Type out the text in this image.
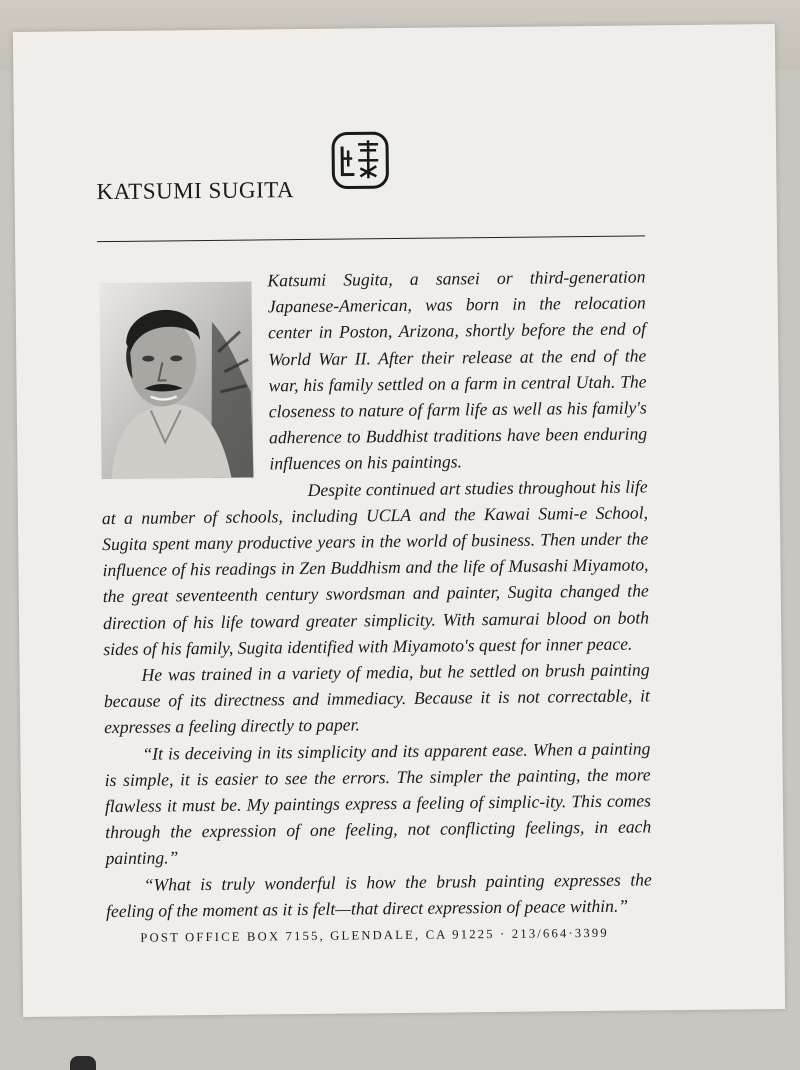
KATSUMI SUGITA

Katsumi Sugita, a sansei or third-generation Japanese-American, was born in the relocation center in Poston, Arizona, shortly before the end of World War II. After their release at the end of the war, his family settled on a farm in central Utah. The closeness to nature of farm life as well as his family's adherence to Buddhist traditions have been enduring influences on his paintings.

Despite continued art studies throughout his life at a number of schools, including UCLA and the Kawai Sumi-e School, Sugita spent many productive years in the world of business. Then under the influence of his readings in Zen Buddhism and the life of Musashi Miyamoto, the great seventeenth century swordsman and painter, Sugita changed the direction of his life toward greater simplicity. With samurai blood on both sides of his family, Sugita identified with Miyamoto's quest for inner peace.

He was trained in a variety of media, but he settled on brush painting because of its directness and immediacy. Because it is not correctable, it expresses a feeling directly to paper.

“It is deceiving in its simplicity and its apparent ease. When a painting is simple, it is easier to see the errors. The simpler the painting, the more flawless it must be. My paintings express a feeling of simplic-ity. This comes through the expression of one feeling, not conflicting feelings, in each painting.”

“What is truly wonderful is how the brush painting expresses the feeling of the moment as it is felt—that direct expression of peace within.”

POST OFFICE BOX 7155, GLENDALE, CA 91225 · 213/664·3399
